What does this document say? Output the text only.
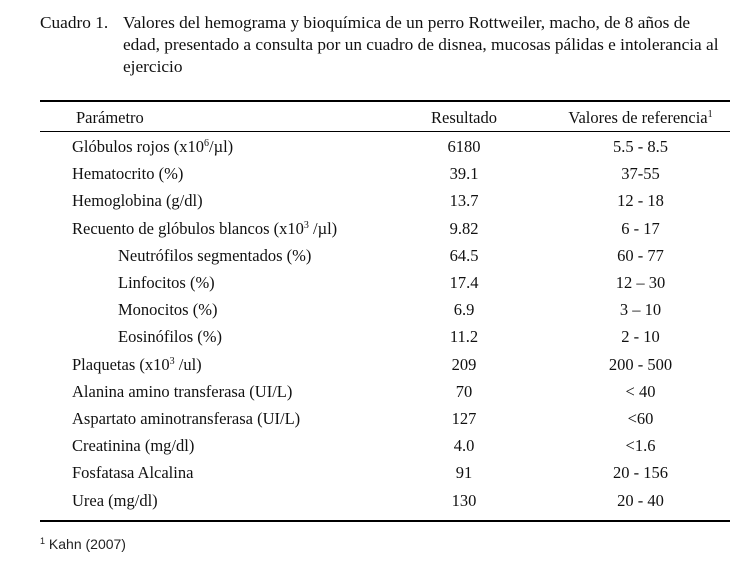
Cuadro 1. Valores del hemograma y bioquímica de un perro Rottweiler, macho, de 8 años de edad, presentado a consulta por un cuadro de disnea, mucosas pálidas e intolerancia al ejercicio
Parámetro	Resultado	Valores de referencia$^1$
Glóbulos rojos $(x10^6/\mu l)$	6180	5.5 - 8.5
Hematocrito (%)	39.1	37-55
Hemoglobina (g/dl)	13.7	12 - 18
Recuento de glóbulos blancos ($x10^3$ /µl)	9.82	6 - 17
Neutrófilos segmentados (%)	64.5	60 - 77
Linfocitos (%)	17.4	12 – 30
Monocitos (%)	6.9	3 – 10
Eosinófilos (%)	11.2	2 - 10
Plaquetas ($x10^3$ /ul)	209	200 - 500
Alanina amino transferasa (UI/L)	70	< 40
Aspartato aminotransferasa (UI/L)	127	<60
Creatinina (mg/dl)	4.0	<1.6
Fosfatasa Alcalina	91	20 - 156
Urea (mg/dl)	130	20 - 40
$^1$ Kahn (2007)
